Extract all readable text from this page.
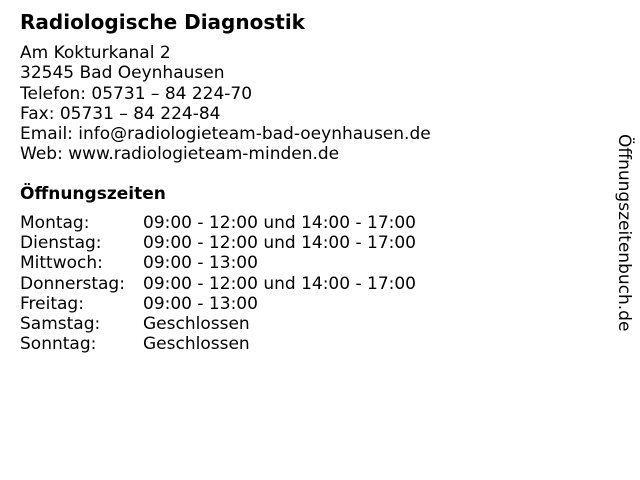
Radiologische Diagnostik
Am Kokturkanal 2
32545 Bad Oeynhausen
Telefon: 05731 – 84 224-70
Fax: 05731 – 84 224-84
Email: info@radiologieteam-bad-oeynhausen.de
Web: www.radiologieteam-minden.de
Öffnungszeiten
Montag:	09:00 - 12:00 und 14:00 - 17:00
Dienstag: 09:00 - 12:00 und 14:00 - 17:00
Mittwoch: 09:00 - 13:00
Donnerstag: 09:00 - 12:00 und 14:00 - 17:00
Freitag:	09:00 - 13:00
Samstag:	Geschlossen
Sonntag:	Geschlossen
Öffnungszeitenbuch.de
